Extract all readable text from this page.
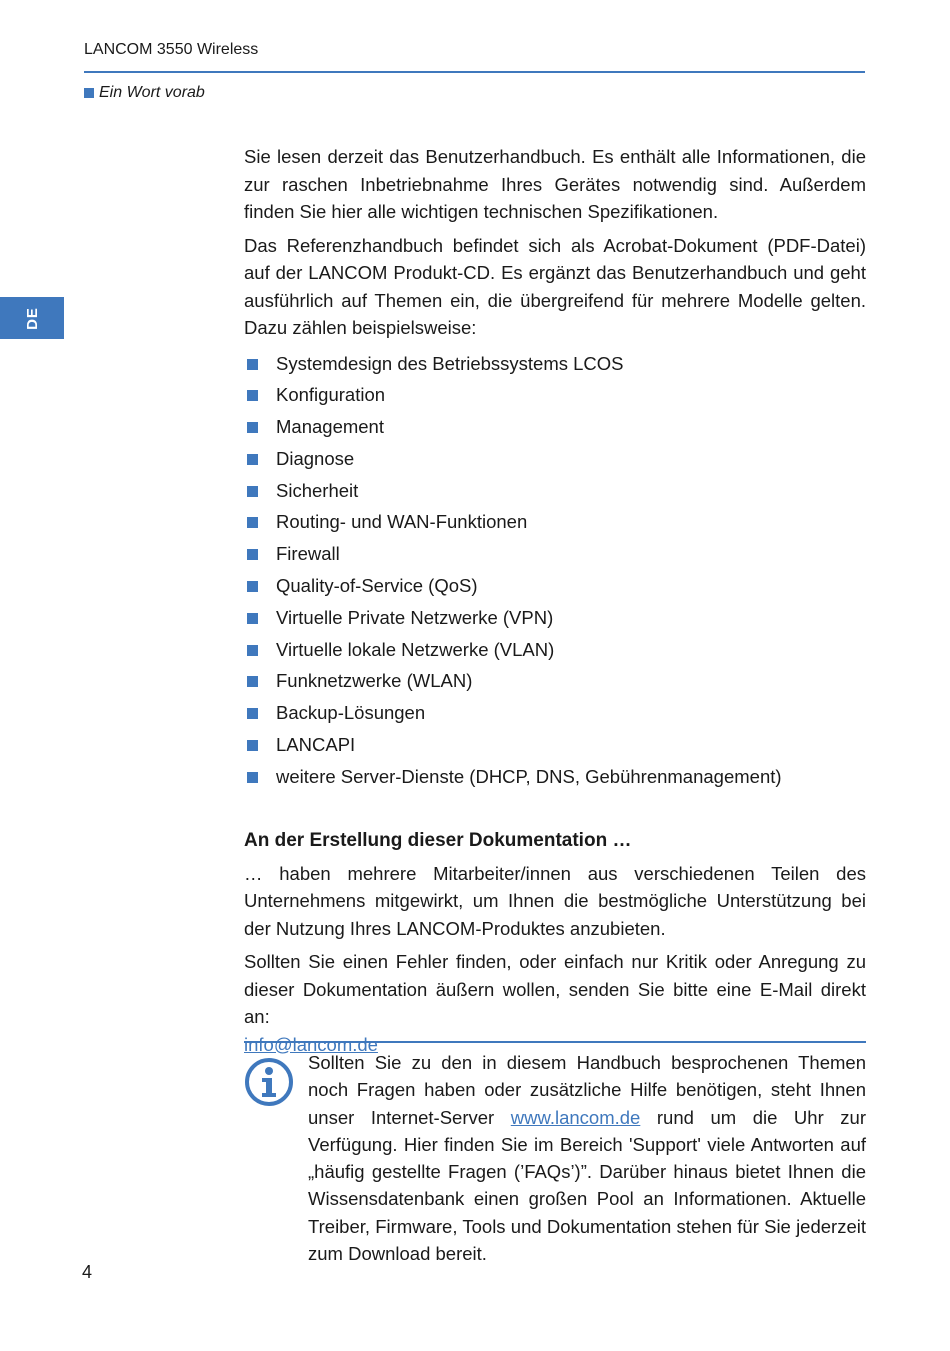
LANCOM 3550 Wireless
Ein Wort vorab
DE

Sie lesen derzeit das Benutzerhandbuch. Es enthält alle Informationen, die zur raschen Inbetriebnahme Ihres Gerätes notwendig sind. Außerdem finden Sie hier alle wichtigen technischen Spezifikationen.

Das Referenzhandbuch befindet sich als Acrobat-Dokument (PDF-Datei) auf der LANCOM Produkt-CD. Es ergänzt das Benutzerhandbuch und geht ausführlich auf Themen ein, die übergreifend für mehrere Modelle gelten. Dazu zählen beispielsweise:

Systemdesign des Betriebssystems LCOS
Konfiguration
Management
Diagnose
Sicherheit
Routing- und WAN-Funktionen
Firewall
Quality-of-Service (QoS)
Virtuelle Private Netzwerke (VPN)
Virtuelle lokale Netzwerke (VLAN)
Funknetzwerke (WLAN)
Backup-Lösungen
LANCAPI
weitere Server-Dienste (DHCP, DNS, Gebührenmanagement)
An der Erstellung dieser Dokumentation …

… haben mehrere Mitarbeiter/innen aus verschiedenen Teilen des Unternehmens mitgewirkt, um Ihnen die bestmögliche Unterstützung bei der Nutzung Ihres LANCOM-Produktes anzubieten.

Sollten Sie einen Fehler finden, oder einfach nur Kritik oder Anregung zu dieser Dokumentation äußern wollen, senden Sie bitte eine E-Mail direkt an:
info@lancom.de

Sollten Sie zu den in diesem Handbuch besprochenen Themen noch Fragen haben oder zusätzliche Hilfe benötigen, steht Ihnen unser Internet-Server www.lancom.de rund um die Uhr zur Verfügung. Hier finden Sie im Bereich 'Support' viele Antworten auf „häufig gestellte Fragen (’FAQs’)”. Darüber hinaus bietet Ihnen die Wissensdatenbank einen großen Pool an Informationen. Aktuelle Treiber, Firmware, Tools und Dokumentation stehen für Sie jederzeit zum Download bereit.
4
